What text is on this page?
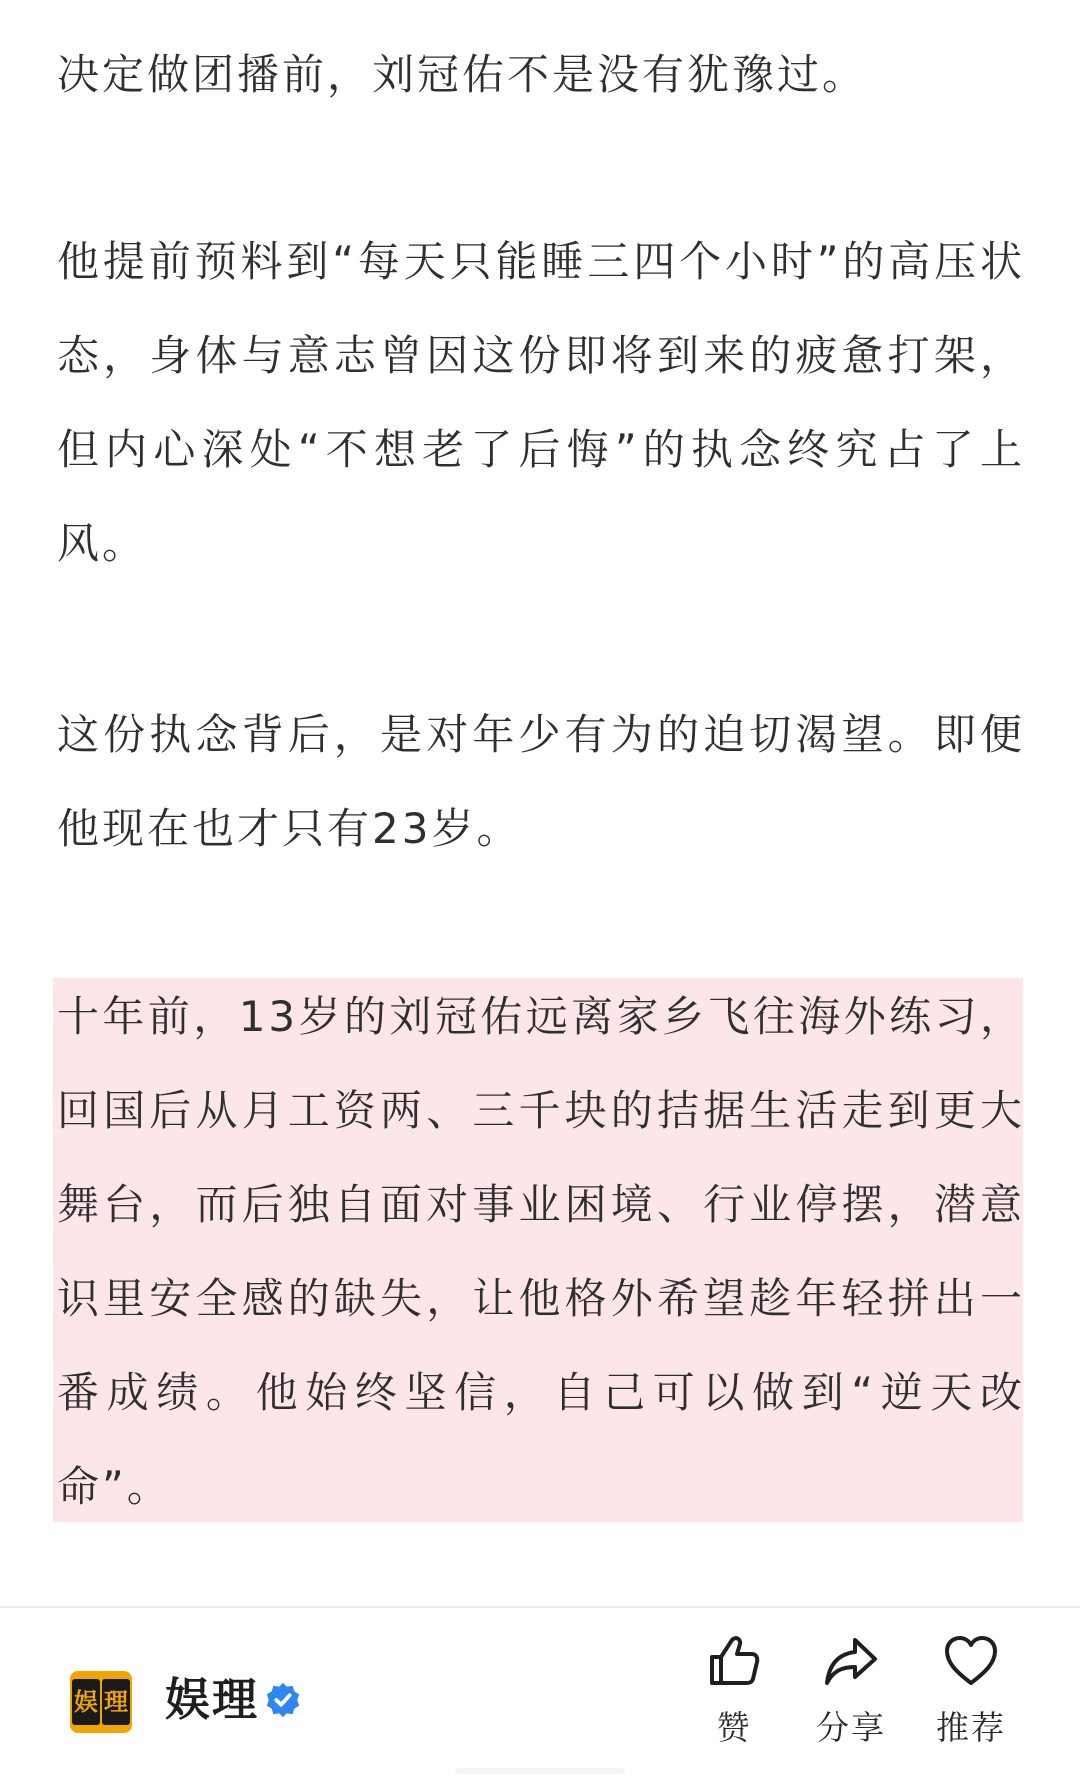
决定做团播前，刘冠佑不是没有犹豫过。

他提前预料到“每天只能睡三四个小时”的高压状态，身体与意志曾因这份即将到来的疲惫打架，但内心深处“不想老了后悔”的执念终究占了上风。

这份执念背后，是对年少有为的迫切渴望。即便他现在也才只有23岁。

十年前，13岁的刘冠佑远离家乡飞往海外练习，回国后从月工资两、三千块的拮据生活走到更大舞台，而后独自面对事业困境、行业停摆，潜意识里安全感的缺失，让他格外希望趁年轻拼出一番成绩。他始终坚信，自己可以做到“逆天改命”。

娱 理 娱理
赞	分享	推荐
